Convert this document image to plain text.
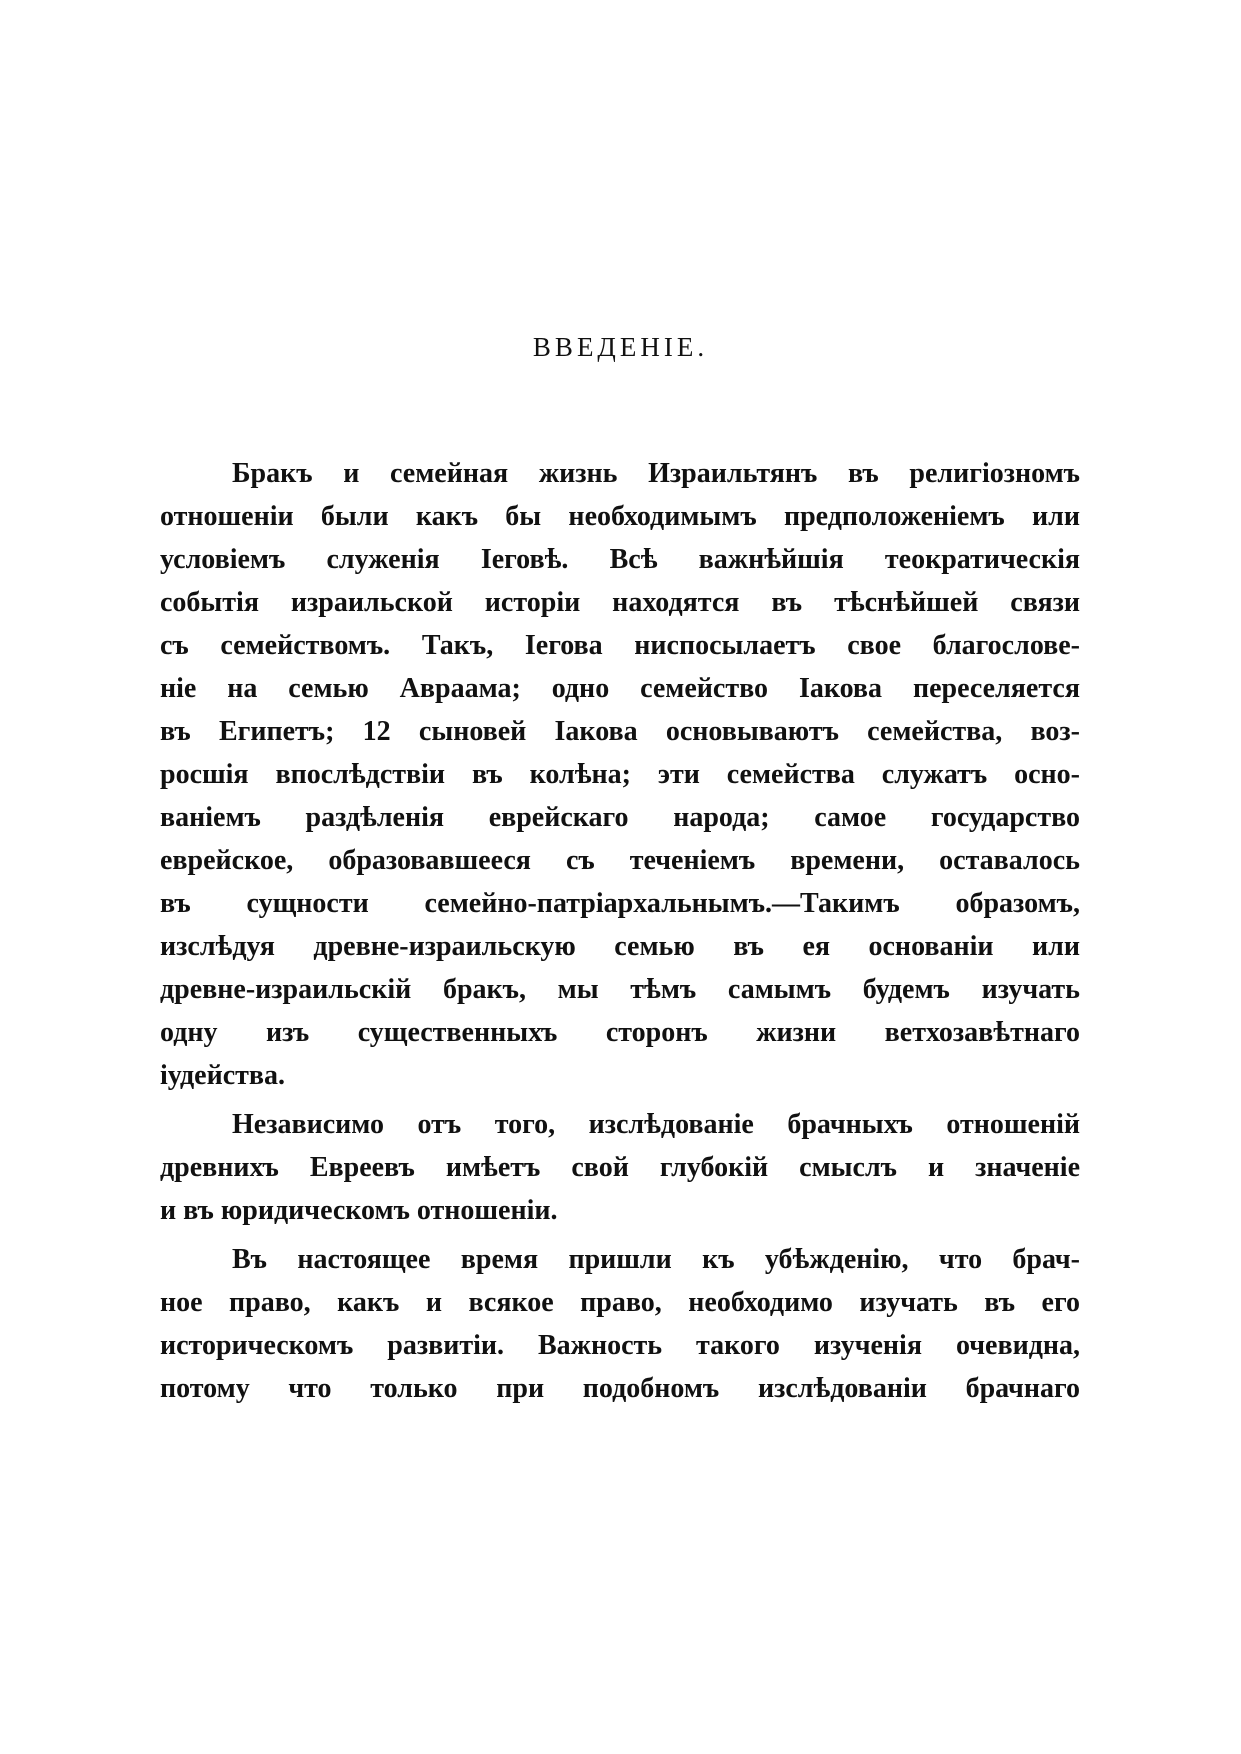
ВВЕДЕНІЕ.
Бракъ и семейная жизнь Израильтянъ въ религіозномъ
отношеніи были какъ бы необходимымъ предположеніемъ или
условіемъ служенія Іеговѣ. Всѣ важнѣйшія теократическія
событія израильской исторіи находятся въ тѣснѣйшей связи
съ семействомъ. Такъ, Іегова ниспосылаетъ свое благослове-
ніе на семью Авраама; одно семейство Іакова переселяется
въ Египетъ; 12 сыновей Іакова основываютъ семейства, воз-
росшія впослѣдствіи въ колѣна; эти семейства служатъ осно-
ваніемъ раздѣленія еврейскаго народа; самое государство
еврейское, образовавшееся съ теченіемъ времени, оставалось
въ сущности семейно-патріархальнымъ.—Такимъ образомъ,
изслѣдуя древне-израильскую семью въ ея основаніи или
древне-израильскій бракъ, мы тѣмъ самымъ будемъ изучать
одну изъ существенныхъ сторонъ жизни ветхозавѣтнаго
іудейства.
Независимо отъ того, изслѣдованіе брачныхъ отношеній
древнихъ Евреевъ имѣетъ свой глубокій смыслъ и значеніе
и въ юридическомъ отношеніи.
Въ настоящее время пришли къ убѣжденію, что брач-
ное право, какъ и всякое право, необходимо изучать въ его
историческомъ развитіи. Важность такого изученія очевидна,
потому что только при подобномъ изслѣдованіи брачнаго
